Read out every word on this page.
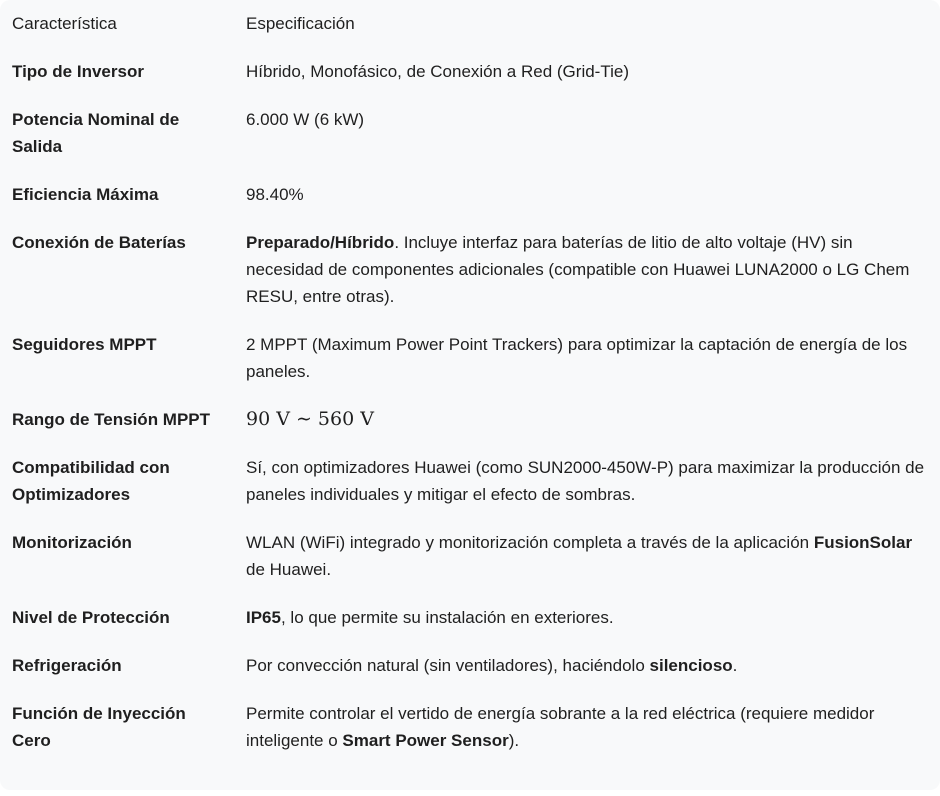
Característica	Especificación
Tipo de Inversor	Híbrido, Monofásico, de Conexión a Red (Grid-Tie)
Potencia Nominal de Salida	6.000 W (6 kW)
Eficiencia Máxima	98.40%
Conexión de Baterías	Preparado/Híbrido. Incluye interfaz para baterías de litio de alto voltaje (HV) sin necesidad de componentes adicionales (compatible con Huawei LUNA2000 o LG Chem RESU, entre otras).
Seguidores MPPT	2 MPPT (Maximum Power Point Trackers) para optimizar la captación de energía de los paneles.
Rango de Tensión MPPT	90 V ∼ 560 V
Compatibilidad con Optimizadores	Sí, con optimizadores Huawei (como SUN2000-450W-P) para maximizar la producción de paneles individuales y mitigar el efecto de sombras.
Monitorización	WLAN (WiFi) integrado y monitorización completa a través de la aplicación FusionSolar de Huawei.
Nivel de Protección	IP65, lo que permite su instalación en exteriores.
Refrigeración	Por convección natural (sin ventiladores), haciéndolo silencioso.
Función de Inyección Cero	Permite controlar el vertido de energía sobrante a la red eléctrica (requiere medidor inteligente o Smart Power Sensor).
